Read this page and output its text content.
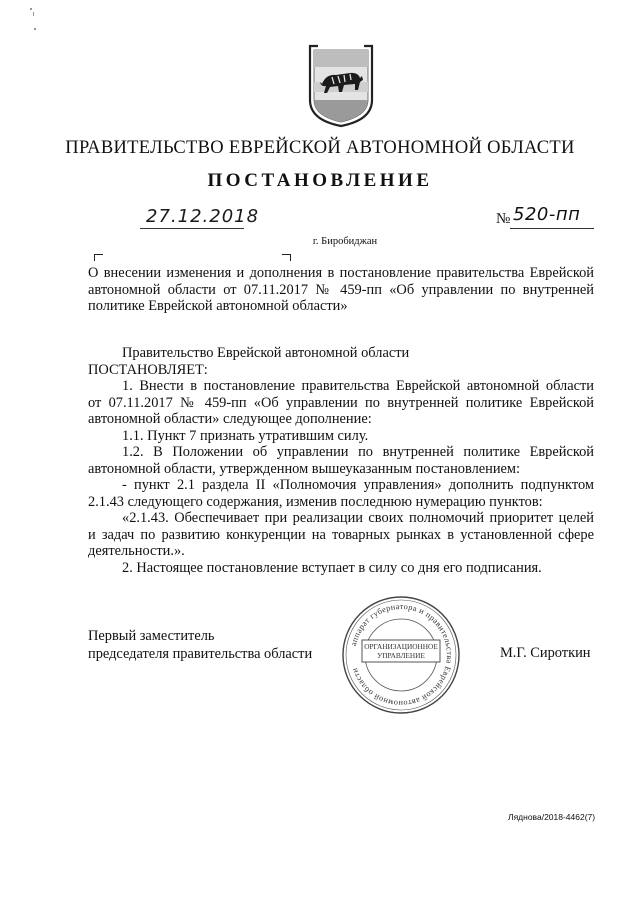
ПРАВИТЕЛЬСТВО ЕВРЕЙСКОЙ АВТОНОМНОЙ ОБЛАСТИ
ПОСТАНОВЛЕНИЕ
27.12.2018	№ 520-пп
г. Биробиджан
О внесении изменения и дополнения в постановление правительства Еврейской
автономной области от 07.11.2017 № 459-пп «Об управлении по внутренней
политике Еврейской автономной области»
Правительство Еврейской автономной области
ПОСТАНОВЛЯЕТ:
1. Внести в постановление правительства Еврейской автономной области
от 07.11.2017 № 459-пп «Об управлении по внутренней политике Еврейской
автономной области» следующее дополнение:
1.1. Пункт 7 признать утратившим силу.
1.2. В Положении об управлении по внутренней политике Еврейской
автономной области, утвержденном вышеуказанным постановлением:
- пункт 2.1 раздела II «Полномочия управления» дополнить подпунктом
2.1.43 следующего содержания, изменив последнюю нумерацию пунктов:
«2.1.43. Обеспечивает при реализации своих полномочий приоритет целей
и задач по развитию конкуренции на товарных рынках в установленной сфере
деятельности.».
2. Настоящее постановление вступает в силу со дня его подписания.
Первый заместитель
председателя правительства области	М.Г. Сироткин
аппарат губернатора и правительства Еврейской автономной области
ОРГАНИЗАЦИОННОЕ
УПРАВЛЕНИЕ
Ляднова/2018-4462(7)
